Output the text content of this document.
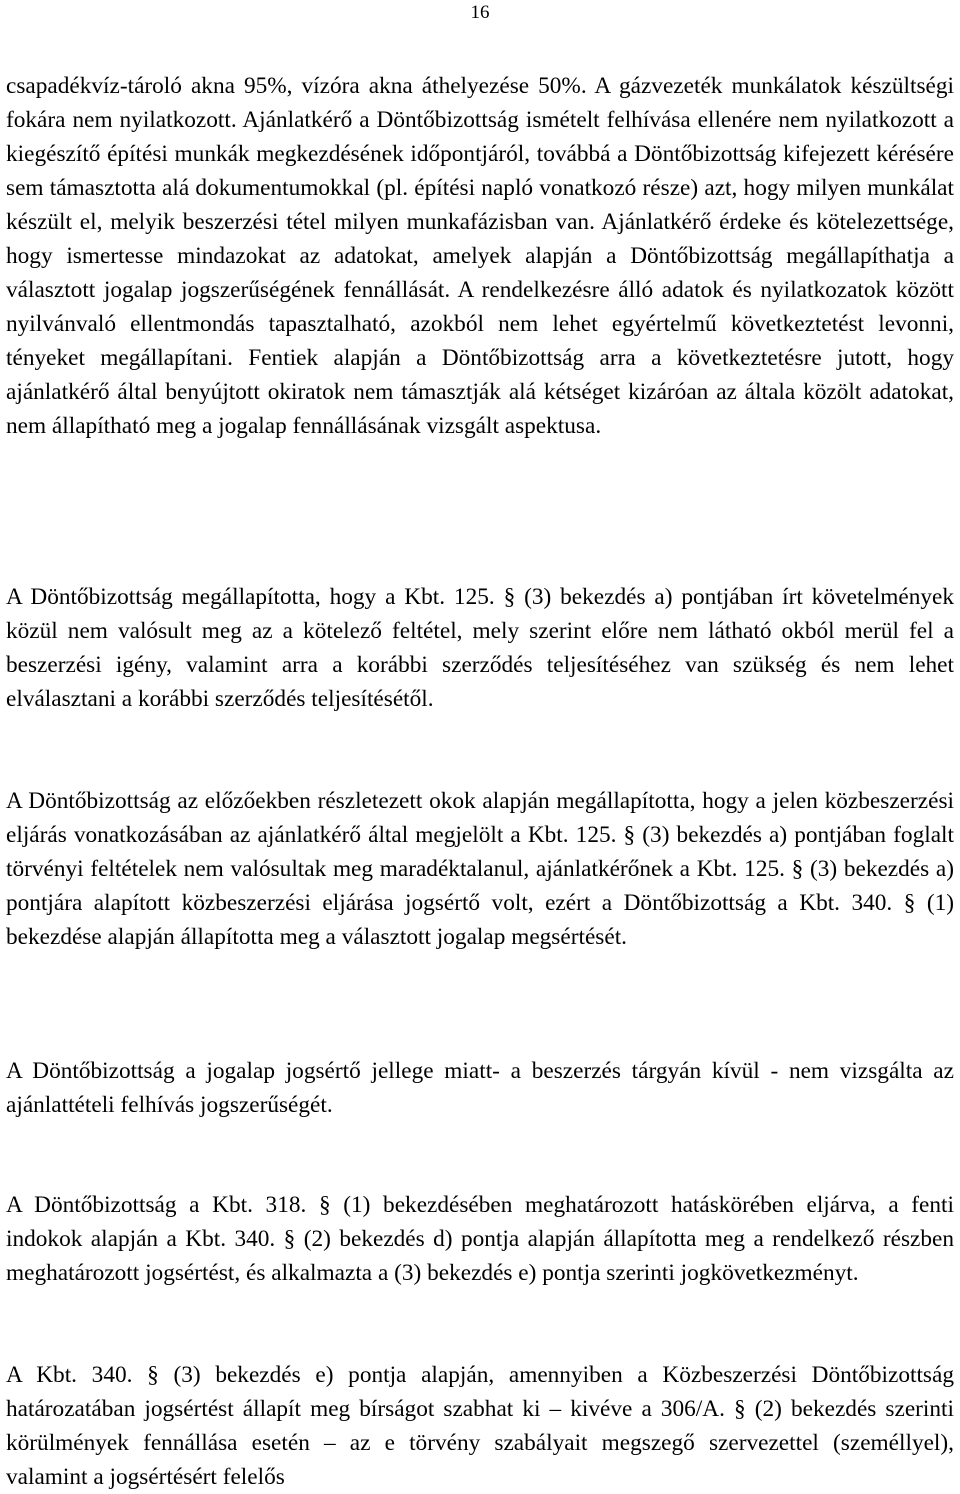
16

csapadékvíz-tároló akna 95%, vízóra akna áthelyezése 50%. A gázvezeték munkálatok készültségi fokára nem nyilatkozott. Ajánlatkérő a Döntőbizottság ismételt felhívása ellenére nem nyilatkozott a kiegészítő építési munkák megkezdésének időpontjáról, továbbá a Döntőbizottság kifejezett kérésére sem támasztotta alá dokumentumokkal (pl. építési napló vonatkozó része) azt, hogy milyen munkálat készült el, melyik beszerzési tétel milyen munkafázisban van. Ajánlatkérő érdeke és kötelezettsége, hogy ismertesse mindazokat az adatokat, amelyek alapján a Döntőbizottság megállapíthatja a választott jogalap jogszerűségének fennállását. A rendelkezésre álló adatok és nyilatkozatok között nyilvánvaló ellentmondás tapasztalható, azokból nem lehet egyértelmű következtetést levonni, tényeket megállapítani. Fentiek alapján a Döntőbizottság arra a következtetésre jutott, hogy ajánlatkérő által benyújtott okiratok nem támasztják alá kétséget kizáróan az általa közölt adatokat, nem állapítható meg a jogalap fennállásának vizsgált aspektusa.

A Döntőbizottság megállapította, hogy a Kbt. 125. § (3) bekezdés a) pontjában írt követelmények közül nem valósult meg az a kötelező feltétel, mely szerint előre nem látható okból merül fel a beszerzési igény, valamint arra a korábbi szerződés teljesítéséhez van szükség és nem lehet elválasztani a korábbi szerződés teljesítésétől.

A Döntőbizottság az előzőekben részletezett okok alapján megállapította, hogy a jelen közbeszerzési eljárás vonatkozásában az ajánlatkérő által megjelölt a Kbt. 125. § (3) bekezdés a) pontjában foglalt törvényi feltételek nem valósultak meg maradéktalanul, ajánlatkérőnek a Kbt. 125. § (3) bekezdés a) pontjára alapított közbeszerzési eljárása jogsértő volt, ezért a Döntőbizottság a Kbt. 340. § (1) bekezdése alapján állapította meg a választott jogalap megsértését.

A Döntőbizottság a jogalap jogsértő jellege miatt- a beszerzés tárgyán kívül - nem vizsgálta az ajánlattételi felhívás jogszerűségét.

A Döntőbizottság a Kbt. 318. § (1) bekezdésében meghatározott hatáskörében eljárva, a fenti indokok alapján a Kbt. 340. § (2) bekezdés d) pontja alapján állapította meg a rendelkező részben meghatározott jogsértést, és alkalmazta a (3) bekezdés e) pontja szerinti jogkövetkezményt.

A Kbt. 340. § (3) bekezdés e) pontja alapján, amennyiben a Közbeszerzési Döntőbizottság határozatában jogsértést állapít meg bírságot szabhat ki – kivéve a 306/A. § (2) bekezdés szerinti körülmények fennállása esetén – az e törvény szabályait megszegő szervezettel (személlyel), valamint a jogsértésért felelős
